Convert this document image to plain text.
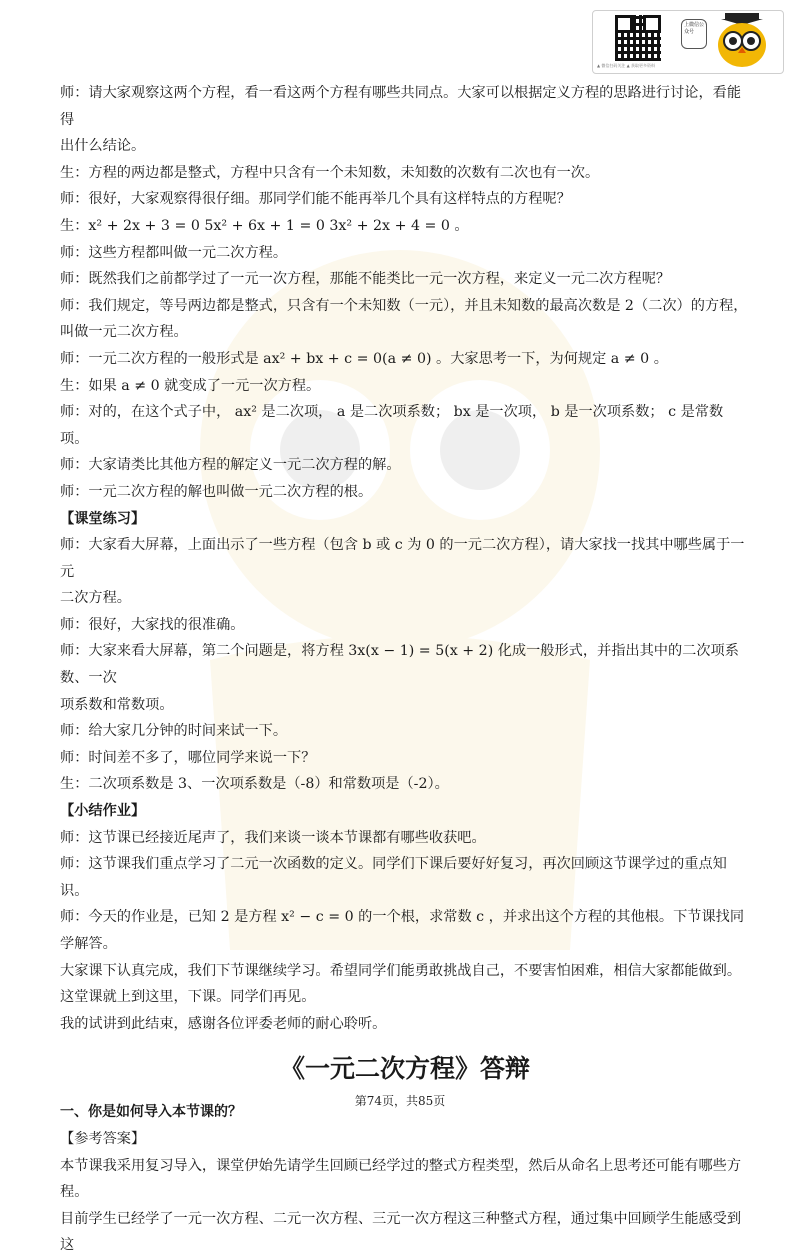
▲ 微信扫码关注 ▲ 获取更多资料
上微信公众号

师：请大家观察这两个方程，看一看这两个方程有哪些共同点。大家可以根据定义方程的思路进行讨论，看能得

出什么结论。

生：方程的两边都是整式，方程中只含有一个未知数，未知数的次数有二次也有一次。

师：很好，大家观察得很仔细。那同学们能不能再举几个具有这样特点的方程呢？

生：x² + 2x + 3 = 0 5x² + 6x + 1 = 0 3x² + 2x + 4 = 0 。

师：这些方程都叫做一元二次方程。

师：既然我们之前都学过了一元一次方程，那能不能类比一元一次方程，来定义一元二次方程呢？

师：我们规定，等号两边都是整式，只含有一个未知数（一元），并且未知数的最高次数是 2（二次）的方程，

叫做一元二次方程。

师：一元二次方程的一般形式是 ax² + bx + c = 0(a ≠ 0) 。大家思考一下，为何规定 a ≠ 0 。

生：如果 a ≠ 0 就变成了一元一次方程。

师：对的，在这个式子中， ax² 是二次项， a 是二次项系数； bx 是一次项， b 是一次项系数； c 是常数项。

师：大家请类比其他方程的解定义一元二次方程的解。

师：一元二次方程的解也叫做一元二次方程的根。

【课堂练习】

师：大家看大屏幕，上面出示了一些方程（包含 b 或 c 为 0 的一元二次方程），请大家找一找其中哪些属于一元

二次方程。

师：很好，大家找的很准确。

师：大家来看大屏幕，第二个问题是，将方程 3x(x − 1) = 5(x + 2) 化成一般形式，并指出其中的二次项系数、一次

项系数和常数项。

师：给大家几分钟的时间来试一下。

师：时间差不多了，哪位同学来说一下？

生：二次项系数是 3、一次项系数是（-8）和常数项是（-2）。

【小结作业】

师：这节课已经接近尾声了，我们来谈一谈本节课都有哪些收获吧。

师：这节课我们重点学习了二元一次函数的定义。同学们下课后要好好复习，再次回顾这节课学过的重点知识。

师：今天的作业是，已知 2 是方程 x² − c = 0 的一个根，求常数 c ，并求出这个方程的其他根。下节课找同学解答。

大家课下认真完成，我们下节课继续学习。希望同学们能勇敢挑战自己，不要害怕困难，相信大家都能做到。

这堂课就上到这里，下课。同学们再见。

我的试讲到此结束，感谢各位评委老师的耐心聆听。

《一元二次方程》答辩

一、你是如何导入本节课的？

【参考答案】

本节课我采用复习导入，课堂伊始先请学生回顾已经学过的整式方程类型，然后从命名上思考还可能有哪些方程。

目前学生已经学了一元一次方程、二元一次方程、三元一次方程这三种整式方程，通过集中回顾学生能感受到这

第74页，共85页
